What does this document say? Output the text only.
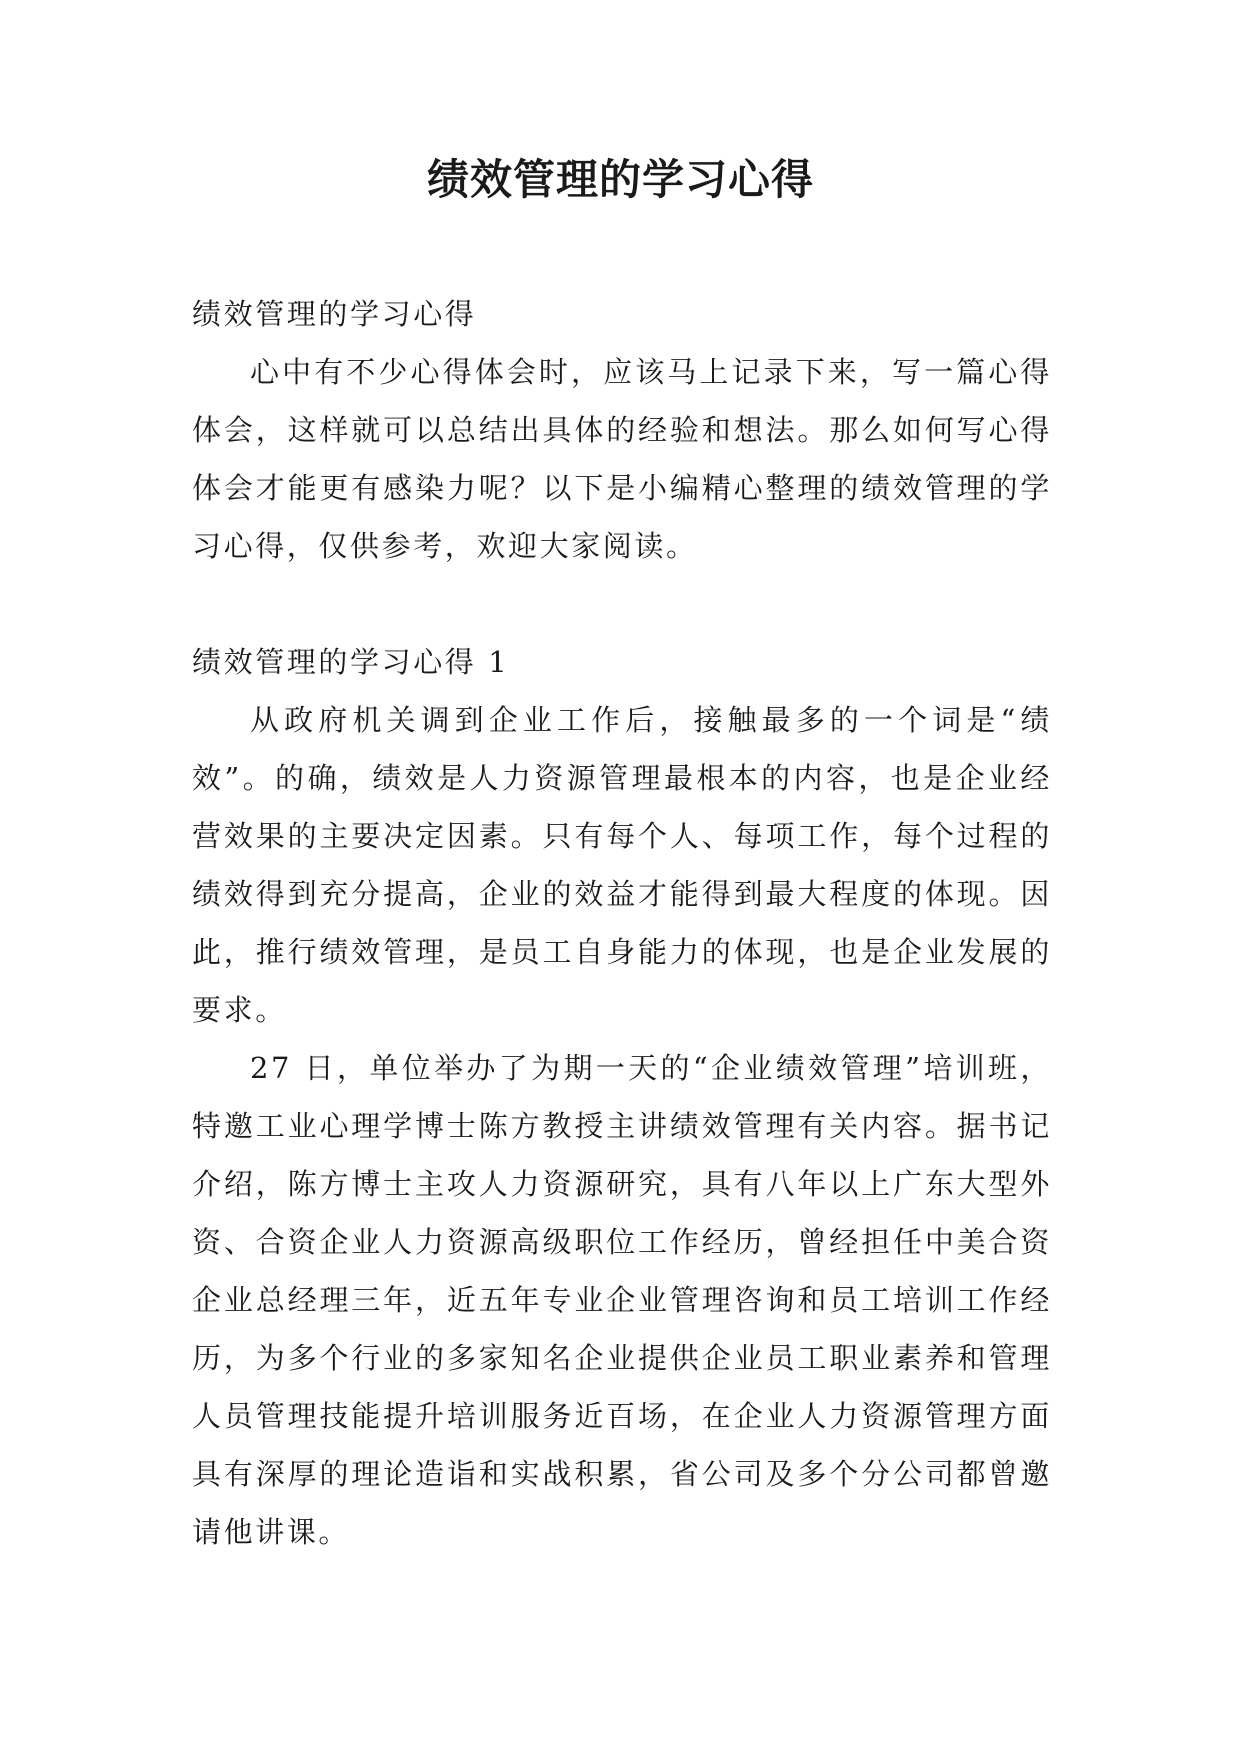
绩效管理的学习心得

绩效管理的学习心得

心中有不少心得体会时，应该马上记录下来，写一篇心得体会，这样就可以总结出具体的经验和想法。那么如何写心得体会才能更有感染力呢？以下是小编精心整理的绩效管理的学习心得，仅供参考，欢迎大家阅读。

绩效管理的学习心得 1

从政府机关调到企业工作后，接触最多的一个词是“绩效”。的确，绩效是人力资源管理最根本的内容，也是企业经营效果的主要决定因素。只有每个人、每项工作，每个过程的绩效得到充分提高，企业的效益才能得到最大程度的体现。因此，推行绩效管理，是员工自身能力的体现，也是企业发展的要求。

27 日，单位举办了为期一天的“企业绩效管理”培训班，特邀工业心理学博士陈方教授主讲绩效管理有关内容。据书记介绍，陈方博士主攻人力资源研究，具有八年以上广东大型外资、合资企业人力资源高级职位工作经历，曾经担任中美合资企业总经理三年，近五年专业企业管理咨询和员工培训工作经历，为多个行业的多家知名企业提供企业员工职业素养和管理人员管理技能提升培训服务近百场，在企业人力资源管理方面具有深厚的理论造诣和实战积累，省公司及多个分公司都曾邀请他讲课。
